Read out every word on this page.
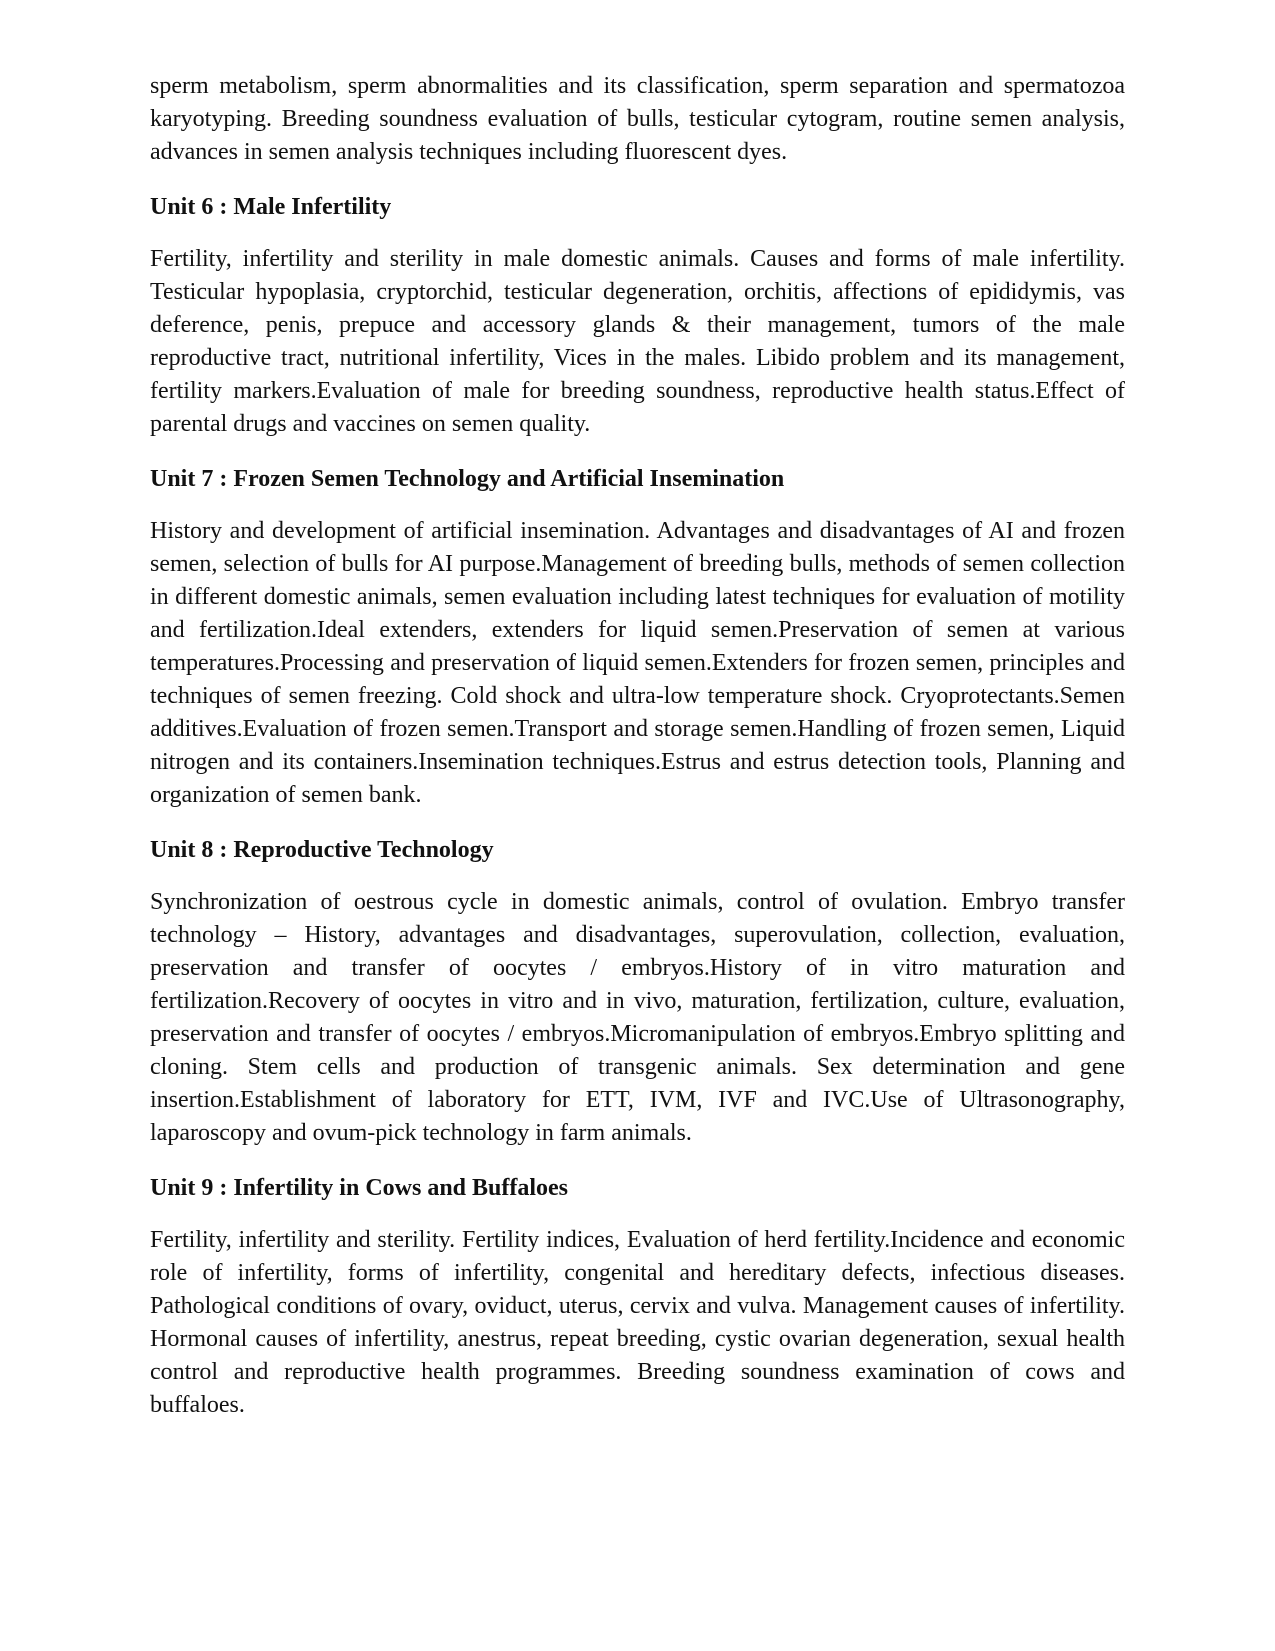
sperm metabolism, sperm abnormalities and its classification, sperm separation and spermatozoa karyotyping. Breeding soundness evaluation of bulls, testicular cytogram, routine semen analysis, advances in semen analysis techniques including fluorescent dyes.

Unit 6 : Male Infertility

Fertility, infertility and sterility in male domestic animals. Causes and forms of male infertility. Testicular hypoplasia, cryptorchid, testicular degeneration, orchitis, affections of epididymis, vas deference, penis, prepuce and accessory glands & their management, tumors of the male reproductive tract, nutritional infertility, Vices in the males. Libido problem and its management, fertility markers.Evaluation of male for breeding soundness, reproductive health status.Effect of parental drugs and vaccines on semen quality.

Unit 7 : Frozen Semen Technology and Artificial Insemination

History and development of artificial insemination. Advantages and disadvantages of AI and frozen semen, selection of bulls for AI purpose.Management of breeding bulls, methods of semen collection in different domestic animals, semen evaluation including latest techniques for evaluation of motility and fertilization.Ideal extenders, extenders for liquid semen.Preservation of semen at various temperatures.Processing and preservation of liquid semen.Extenders for frozen semen, principles and techniques of semen freezing. Cold shock and ultra-low temperature shock. Cryoprotectants.Semen additives.Evaluation of frozen semen.Transport and storage semen.Handling of frozen semen, Liquid nitrogen and its containers.Insemination techniques.Estrus and estrus detection tools, Planning and organization of semen bank.

Unit 8 : Reproductive Technology

Synchronization of oestrous cycle in domestic animals, control of ovulation. Embryo transfer technology – History, advantages and disadvantages, superovulation, collection, evaluation, preservation and transfer of oocytes / embryos.History of in vitro maturation and fertilization.Recovery of oocytes in vitro and in vivo, maturation, fertilization, culture, evaluation, preservation and transfer of oocytes / embryos.Micromanipulation of embryos.Embryo splitting and cloning. Stem cells and production of transgenic animals. Sex determination and gene insertion.Establishment of laboratory for ETT, IVM, IVF and IVC.Use of Ultrasonography, laparoscopy and ovum-pick technology in farm animals.

Unit 9 : Infertility in Cows and Buffaloes

Fertility, infertility and sterility. Fertility indices, Evaluation of herd fertility.Incidence and economic role of infertility, forms of infertility, congenital and hereditary defects, infectious diseases. Pathological conditions of ovary, oviduct, uterus, cervix and vulva. Management causes of infertility. Hormonal causes of infertility, anestrus, repeat breeding, cystic ovarian degeneration, sexual health control and reproductive health programmes. Breeding soundness examination of cows and buffaloes.
